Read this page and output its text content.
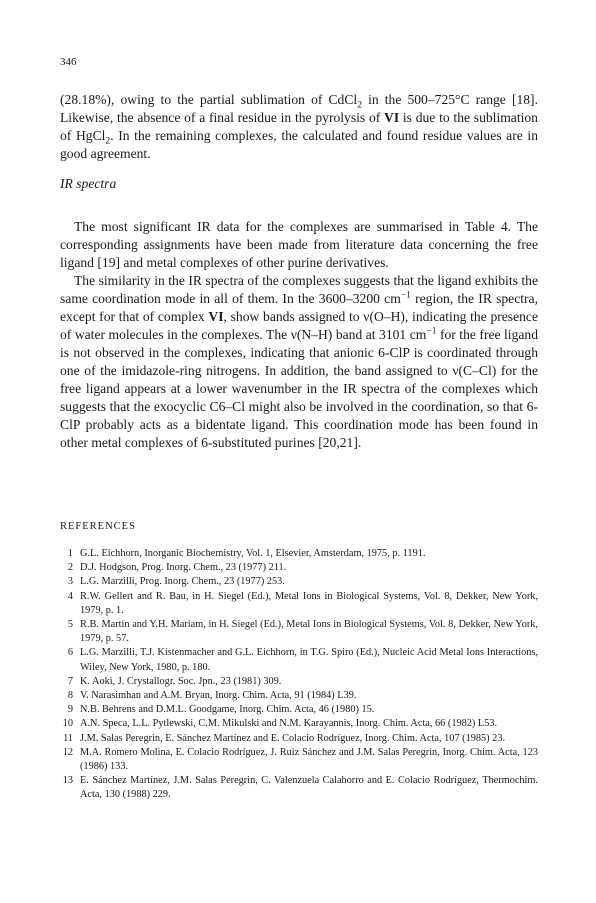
346

(28.18%), owing to the partial sublimation of CdCl$_2$ in the 500–725°C range [18]. Likewise, the absence of a final residue in the pyrolysis of VI is due to the sublimation of HgCl$_2$. In the remaining complexes, the calculated and found residue values are in good agreement.

IR spectra

The most significant IR data for the complexes are summarised in Table 4. The corresponding assignments have been made from literature data concerning the free ligand [19] and metal complexes of other purine derivatives.

The similarity in the IR spectra of the complexes suggests that the ligand exhibits the same coordination mode in all of them. In the 3600–3200 $cm^{-1}$ region, the IR spectra, except for that of complex VI, show bands assigned to ν(O–H), indicating the presence of water molecules in the complexes. The ν(N–H) band at 3101 $cm^{-1}$ for the free ligand is not observed in the complexes, indicating that anionic 6-ClP is coordinated through one of the imidazole-ring nitrogens. In addition, the band assigned to ν(C–Cl) for the free ligand appears at a lower wavenumber in the IR spectra of the complexes which suggests that the exocyclic C6–Cl might also be involved in the coordination, so that 6-ClP probably acts as a bidentate ligand. This coordination mode has been found in other metal complexes of 6-substituted purines [20,21].

REFERENCES
1 G.L. Eichhorn, Inorganic Biochemistry, Vol. 1, Elsevier, Amsterdam, 1975, p. 1191.
2 D.J. Hodgson, Prog. Inorg. Chem., 23 (1977) 211.
3 L.G. Marzilli, Prog. Inorg. Chem., 23 (1977) 253.
4 R.W. Gellert and R. Bau, in H. Siegel (Ed.), Metal Ions in Biological Systems, Vol. 8, Dekker, New York, 1979, p. 1.
5 R.B. Martin and Y.H. Mariam, in H. Siegel (Ed.), Metal Ions in Biological Systems, Vol. 8, Dekker, New York, 1979, p. 57.
6 L.G. Marzilli, T.J. Kistenmacher and G.L. Eichhorn, in T.G. Spiro (Ed.), Nucleic Acid Metal Ions Interactions, Wiley, New York, 1980, p. 180.
7 K. Aoki, J. Crystallogr. Soc. Jpn., 23 (1981) 309.
8 V. Narasimhan and A.M. Bryan, Inorg. Chim. Acta, 91 (1984) L39.
9 N.B. Behrens and D.M.L. Goodgame, Inorg. Chim. Acta, 46 (1980) 15.
10 A.N. Speca, L.L. Pytlewski, C.M. Mikulski and N.M. Karayannis, Inorg. Chim. Acta, 66 (1982) L53.
11 J.M. Salas Peregrin, E. Sánchez Martínez and E. Colacio Rodríguez, Inorg. Chim. Acta, 107 (1985) 23.
12 M.A. Romero Molina, E. Colacio Rodríguez, J. Ruiz Sánchez and J.M. Salas Peregrin, Inorg. Chim. Acta, 123 (1986) 133.
13 E. Sánchez Martínez, J.M. Salas Peregrin, C. Valenzuela Calahorro and E. Colacio Rodríguez, Thermochim. Acta, 130 (1988) 229.
